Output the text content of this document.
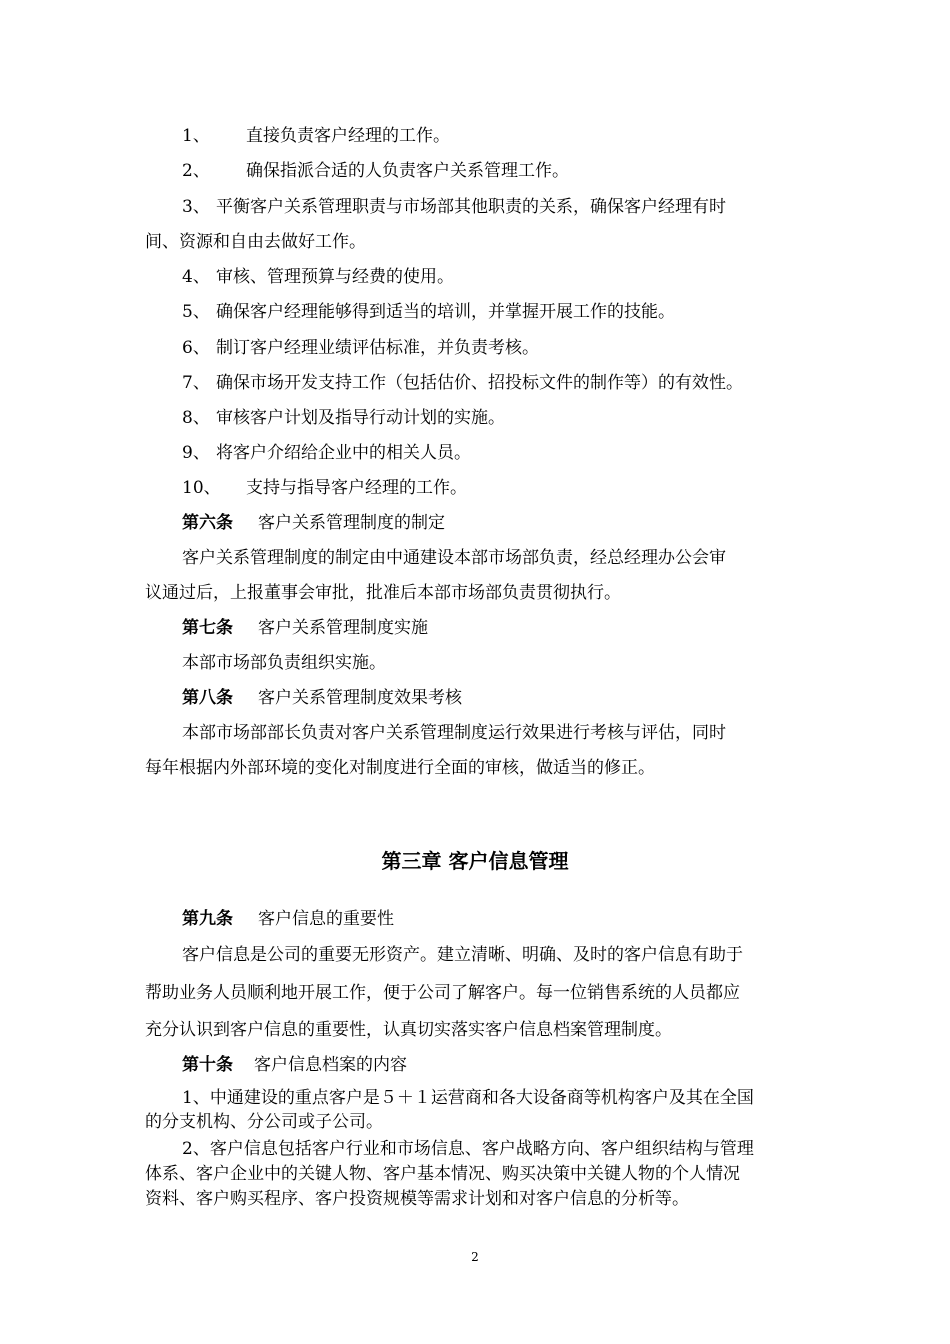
1、 直接负责客户经理的工作。
2、 确保指派合适的人负责客户关系管理工作。
3、 平衡客户关系管理职责与市场部其他职责的关系，确保客户经理有时
间、资源和自由去做好工作。
4、 审核、管理预算与经费的使用。
5、 确保客户经理能够得到适当的培训，并掌握开展工作的技能。
6、 制订客户经理业绩评估标准，并负责考核。
7、 确保市场开发支持工作（包括估价、招投标文件的制作等）的有效性。
8、 审核客户计划及指导行动计划的实施。
9、 将客户介绍给企业中的相关人员。
10、 支持与指导客户经理的工作。
第六条 客户关系管理制度的制定
客户关系管理制度的制定由中通建设本部市场部负责，经总经理办公会审
议通过后，上报董事会审批，批准后本部市场部负责贯彻执行。
第七条 客户关系管理制度实施
本部市场部负责组织实施。
第八条 客户关系管理制度效果考核
本部市场部部长负责对客户关系管理制度运行效果进行考核与评估，同时
每年根据内外部环境的变化对制度进行全面的审核，做适当的修正。
第三章 客户信息管理
第九条 客户信息的重要性
客户信息是公司的重要无形资产。建立清晰、明确、及时的客户信息有助于
帮助业务人员顺利地开展工作，便于公司了解客户。每一位销售系统的人员都应
充分认识到客户信息的重要性，认真切实落实客户信息档案管理制度。
第十条 客户信息档案的内容
1、中通建设的重点客户是５＋１运营商和各大设备商等机构客户及其在全国
的分支机构、分公司或子公司。
2、客户信息包括客户行业和市场信息、客户战略方向、客户组织结构与管理
体系、客户企业中的关键人物、客户基本情况、购买决策中关键人物的个人情况
资料、客户购买程序、客户投资规模等需求计划和对客户信息的分析等。
2
